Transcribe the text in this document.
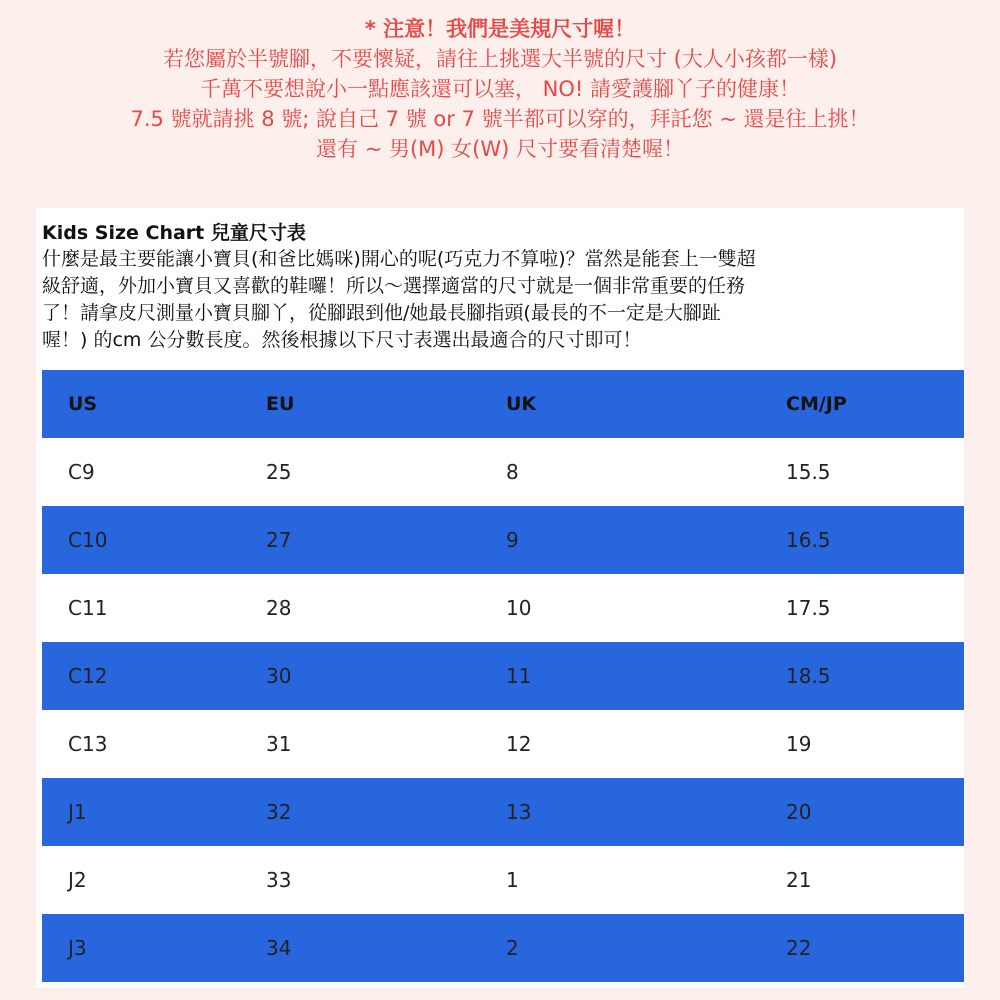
* 注意！我們是美規尺寸喔！
若您屬於半號腳，不要懷疑，請往上挑選大半號的尺寸 (大人小孩都一樣)
千萬不要想說小一點應該還可以塞， NO! 請愛護腳丫子的健康！
7.5 號就請挑 8 號; 說自己 7 號 or 7 號半都可以穿的，拜託您 ~ 還是往上挑！
還有 ~ 男(M) 女(W) 尺寸要看清楚喔！
Kids Size Chart 兒童尺寸表
什麼是最主要能讓小寶貝(和爸比媽咪)開心的呢(巧克力不算啦)？當然是能套上一雙超
級舒適，外加小寶貝又喜歡的鞋囉！所以～選擇適當的尺寸就是一個非常重要的任務
了！請拿皮尺測量小寶貝腳丫，從腳跟到他/她最長腳指頭(最長的不一定是大腳趾
喔！) 的cm 公分數長度。然後根據以下尺寸表選出最適合的尺寸即可！
US	EU	UK	CM/JP
C9	25	8	15.5
C10	27	9	16.5
C11	28	10	17.5
C12	30	11	18.5
C13	31	12	19
J1	32	13	20
J2	33	1	21
J3	34	2	22
